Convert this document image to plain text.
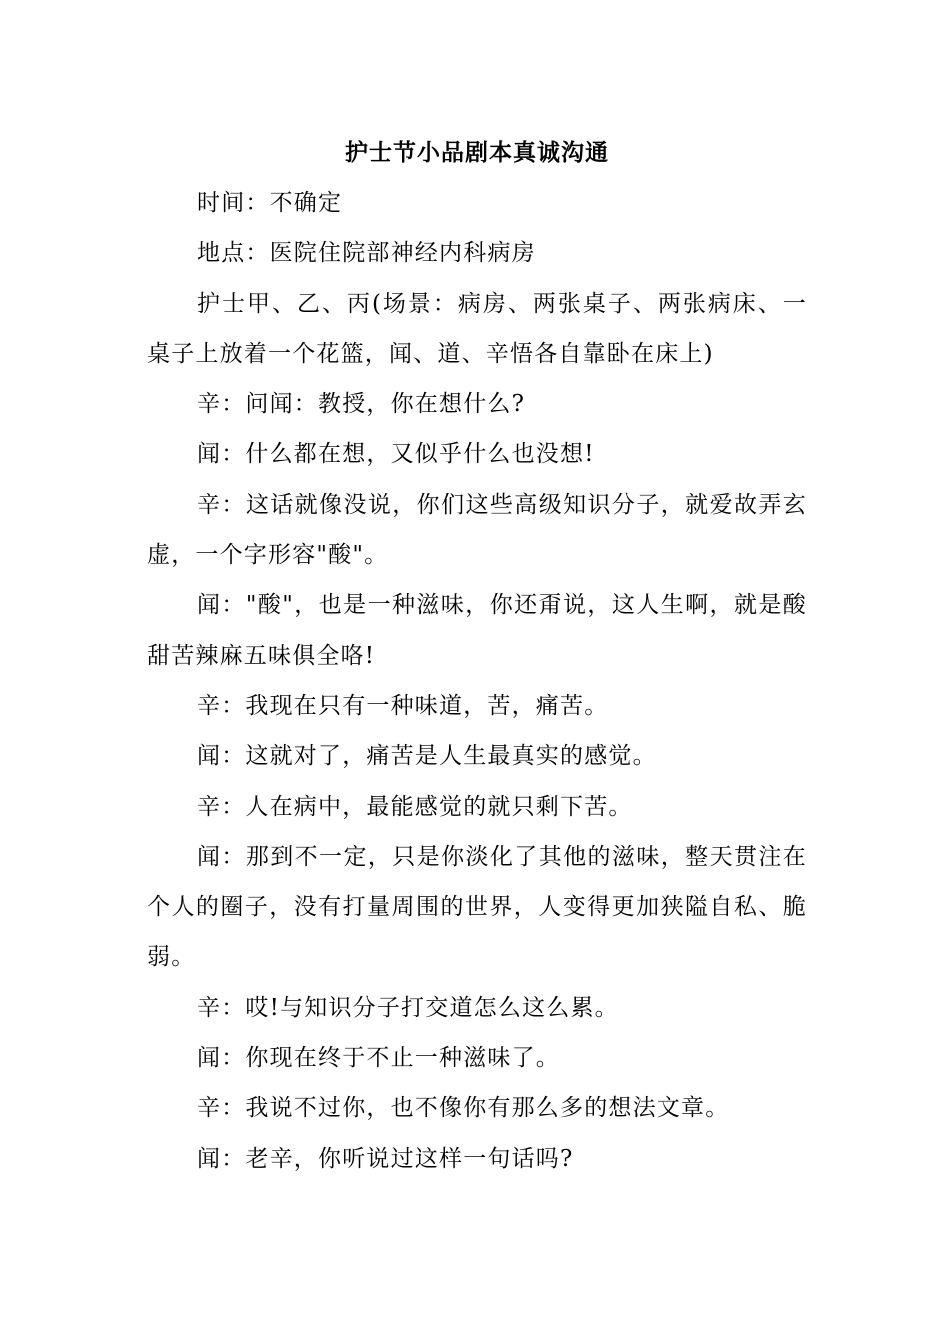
护士节小品剧本真诚沟通

时间：不确定

地点：医院住院部神经内科病房

护士甲、乙、丙(场景：病房、两张桌子、两张病床、一桌子上放着一个花篮，闻、道、辛悟各自靠卧在床上)

辛：问闻：教授，你在想什么?

闻：什么都在想，又似乎什么也没想!

辛：这话就像没说，你们这些高级知识分子，就爱故弄玄虚，一个字形容"酸"。

闻："酸"，也是一种滋味，你还甭说，这人生啊，就是酸甜苦辣麻五味俱全咯!

辛：我现在只有一种味道，苦，痛苦。

闻：这就对了，痛苦是人生最真实的感觉。

辛：人在病中，最能感觉的就只剩下苦。

闻：那到不一定，只是你淡化了其他的滋味，整天贯注在个人的圈子，没有打量周围的世界，人变得更加狭隘自私、脆弱。

辛：哎!与知识分子打交道怎么这么累。

闻：你现在终于不止一种滋味了。

辛：我说不过你，也不像你有那么多的想法文章。

闻：老辛，你听说过这样一句话吗?
